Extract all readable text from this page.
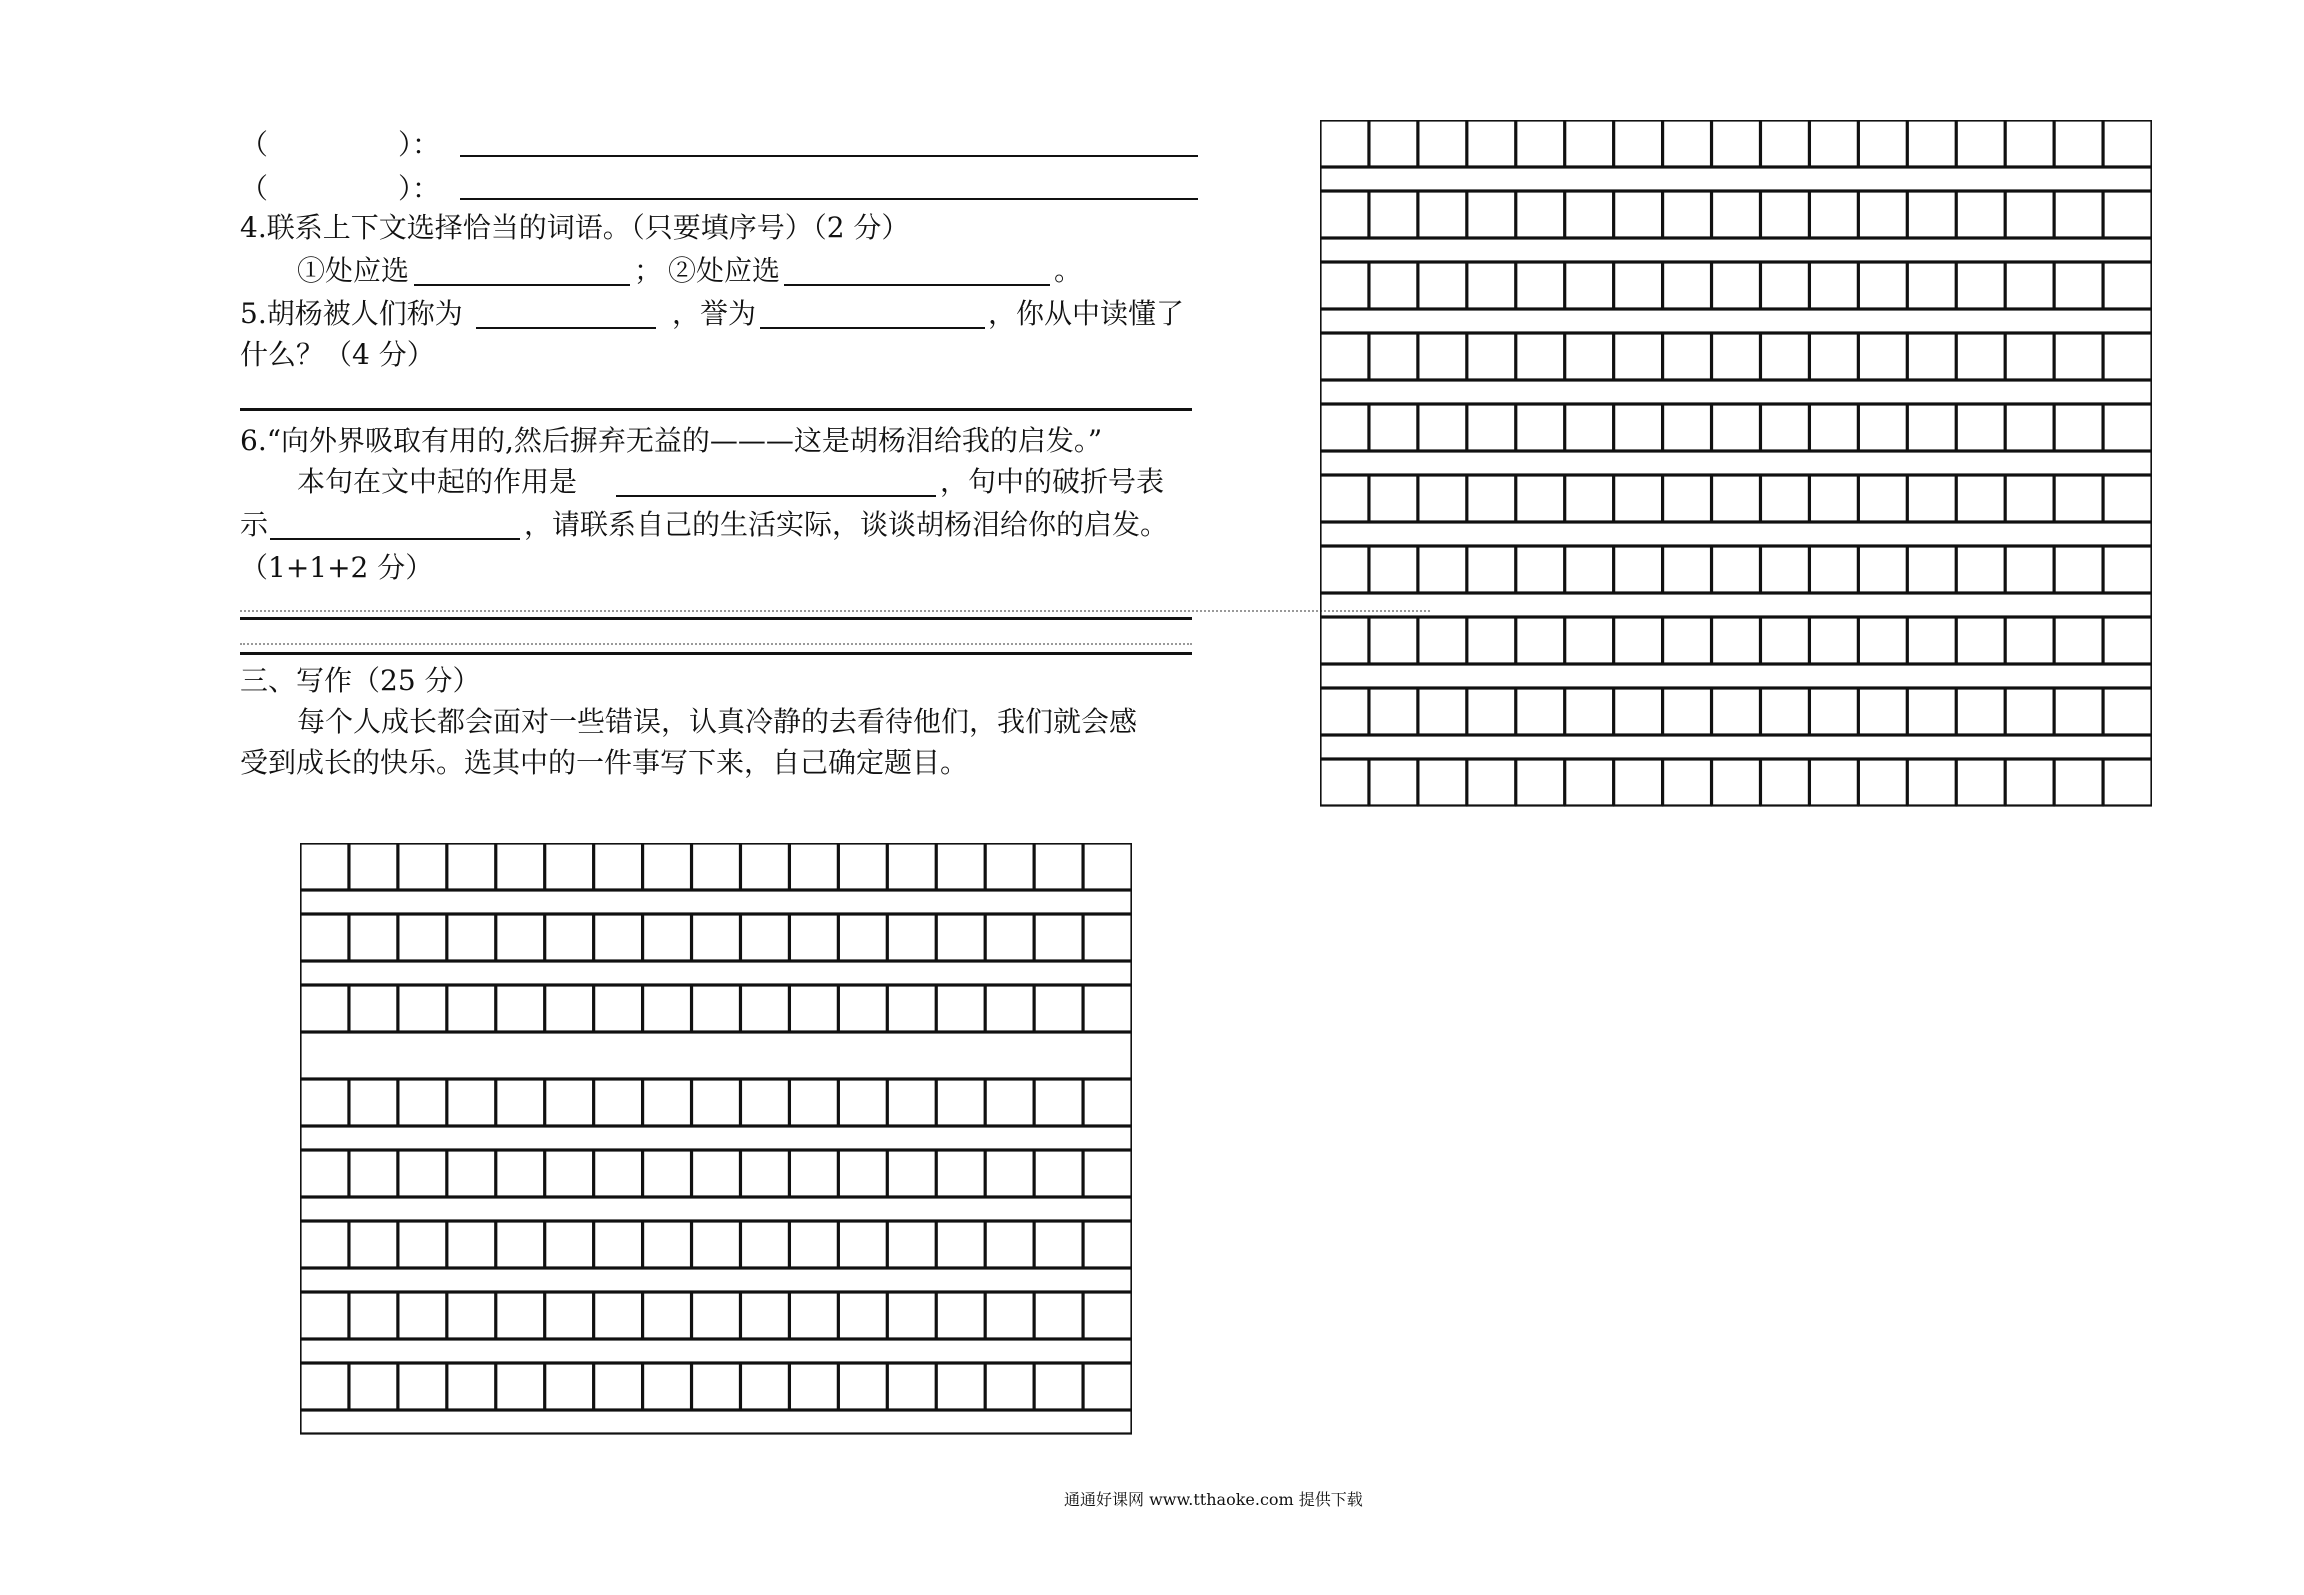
（	）：
（	）：
4.联系上下文选择恰当的词语。（只要填序号）（2 分）
①处应选	； ②处应选	。
5.胡杨被人们称为	，誉为	，你从中读懂了
什么？（4 分）
6.“向外界吸取有用的,然后摒弃无益的———这是胡杨泪给我的启发。”
本句在文中起的作用是	，句中的破折号表
示	，请联系自己的生活实际，谈谈胡杨泪给你的启发。
（1+1+2 分）
三、写作（25 分）
每个人成长都会面对一些错误，认真冷静的去看待他们，我们就会感
受到成长的快乐。选其中的一件事写下来，自己确定题目。
通通好课网 www.tthaoke.com 提供下载
